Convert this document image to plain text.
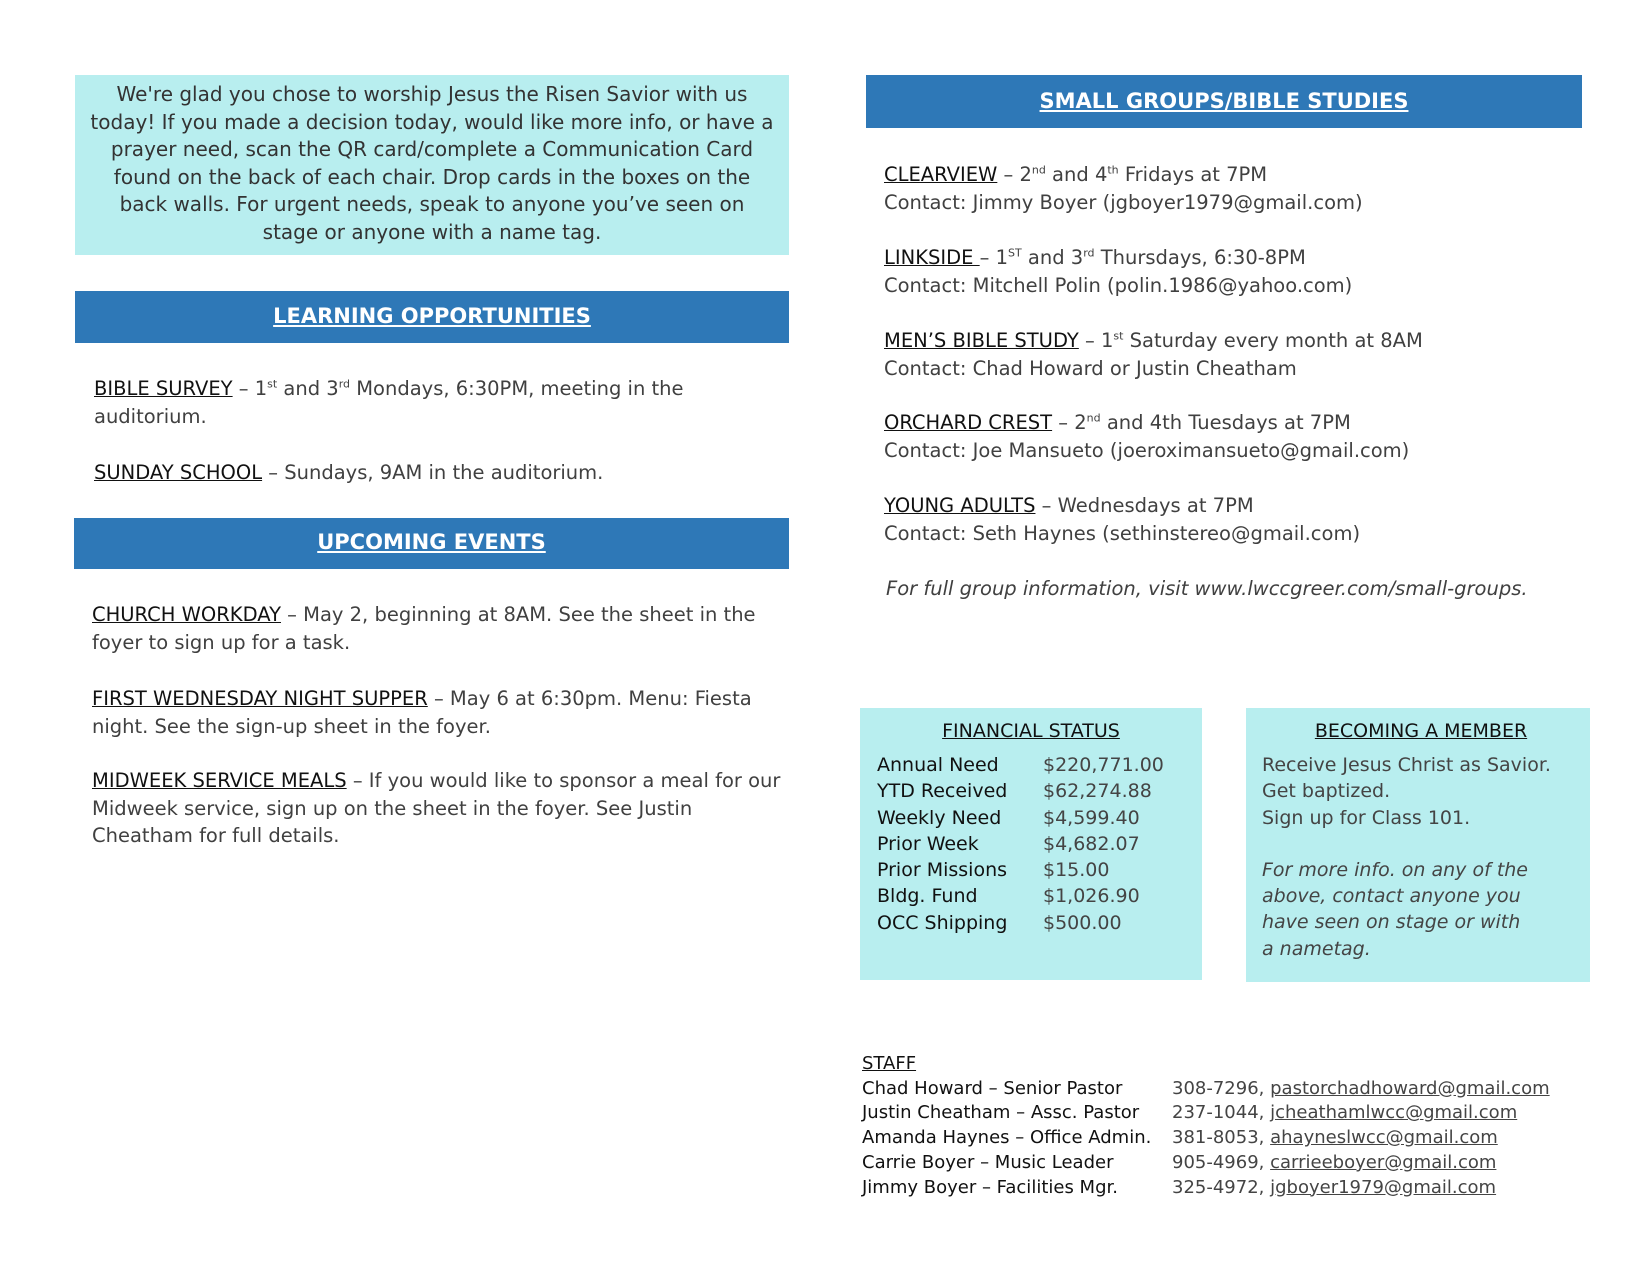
We're glad you chose to worship Jesus the Risen Savior with us today! If you made a decision today, would like more info, or have a prayer need, scan the QR card/complete a Communication Card found on the back of each chair. Drop cards in the boxes on the back walls. For urgent needs, speak to anyone you’ve seen on stage or anyone with a name tag.
LEARNING OPPORTUNITIES
BIBLE SURVEY – 1st and 3rd Mondays, 6:30PM, meeting in the auditorium.
SUNDAY SCHOOL – Sundays, 9AM in the auditorium.
UPCOMING EVENTS
CHURCH WORKDAY – May 2, beginning at 8AM. See the sheet in the foyer to sign up for a task.
FIRST WEDNESDAY NIGHT SUPPER – May 6 at 6:30pm. Menu: Fiesta night. See the sign-up sheet in the foyer.
MIDWEEK SERVICE MEALS – If you would like to sponsor a meal for our Midweek service, sign up on the sheet in the foyer. See Justin Cheatham for full details.
SMALL GROUPS/BIBLE STUDIES
CLEARVIEW – 2nd and 4th Fridays at 7PM
Contact: Jimmy Boyer (jgboyer1979@gmail.com)
LINKSIDE – 1ST and 3rd Thursdays, 6:30-8PM
Contact: Mitchell Polin (polin.1986@yahoo.com)
MEN’S BIBLE STUDY – 1st Saturday every month at 8AM
Contact: Chad Howard or Justin Cheatham
ORCHARD CREST – 2nd and 4th Tuesdays at 7PM
Contact: Joe Mansueto (joeroximansueto@gmail.com)
YOUNG ADULTS – Wednesdays at 7PM
Contact: Seth Haynes (sethinstereo@gmail.com)
For full group information, visit www.lwccgreer.com/small-groups.
FINANCIAL STATUS
Annual Need	$220,771.00
YTD Received	$62,274.88
Weekly Need	$4,599.40
Prior Week	$4,682.07
Prior Missions	$15.00
Bldg. Fund	$1,026.90
OCC Shipping	$500.00
BECOMING A MEMBER
Receive Jesus Christ as Savior.
Get baptized.
Sign up for Class 101.
For more info. on any of the
above, contact anyone you
have seen on stage or with
a nametag.
STAFF
Chad Howard – Senior Pastor	308-7296, pastorchadhoward@gmail.com
Justin Cheatham – Assc. Pastor	237-1044, jcheathamlwcc@gmail.com
Amanda Haynes – Office Admin.	381-8053, ahayneslwcc@gmail.com
Carrie Boyer – Music Leader	905-4969, carrieeboyer@gmail.com
Jimmy Boyer – Facilities Mgr.	325-4972, jgboyer1979@gmail.com
